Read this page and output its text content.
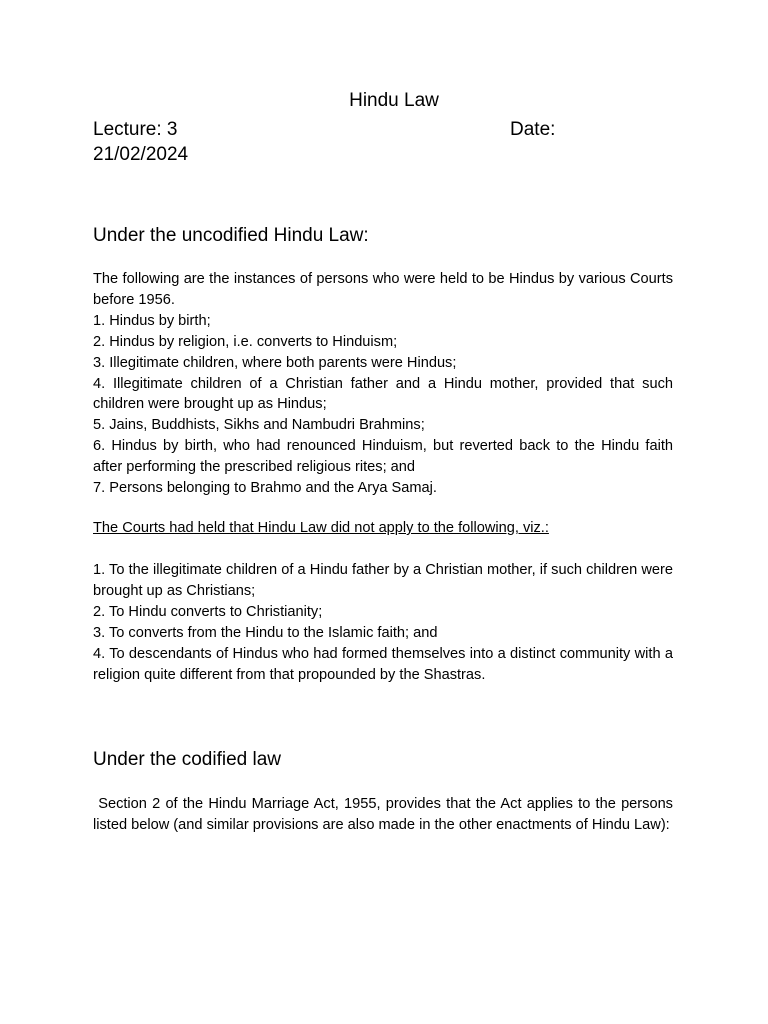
Hindu Law
Lecture: 3	Date:
21/02/2024
Under the uncodified Hindu Law:
The following are the instances of persons who were held to be Hindus by various Courts before 1956.
1. Hindus by birth;
2. Hindus by religion, i.e. converts to Hinduism;
3. Illegitimate children, where both parents were Hindus;
4. Illegitimate children of a Christian father and a Hindu mother, provided that such children were brought up as Hindus;
5. Jains, Buddhists, Sikhs and Nambudri Brahmins;
6. Hindus by birth, who had renounced Hinduism, but reverted back to the Hindu faith after performing the prescribed religious rites; and
7. Persons belonging to Brahmo and the Arya Samaj.
The Courts had held that Hindu Law did not apply to the following, viz.:
1. To the illegitimate children of a Hindu father by a Christian mother, if such children were brought up as Christians;
2. To Hindu converts to Christianity;
3. To converts from the Hindu to the Islamic faith; and
4. To descendants of Hindus who had formed themselves into a distinct community with a religion quite different from that propounded by the Shastras.
Under the codified law
Section 2 of the Hindu Marriage Act, 1955, provides that the Act applies to the persons listed below (and similar provisions are also made in the other enactments of Hindu Law):
